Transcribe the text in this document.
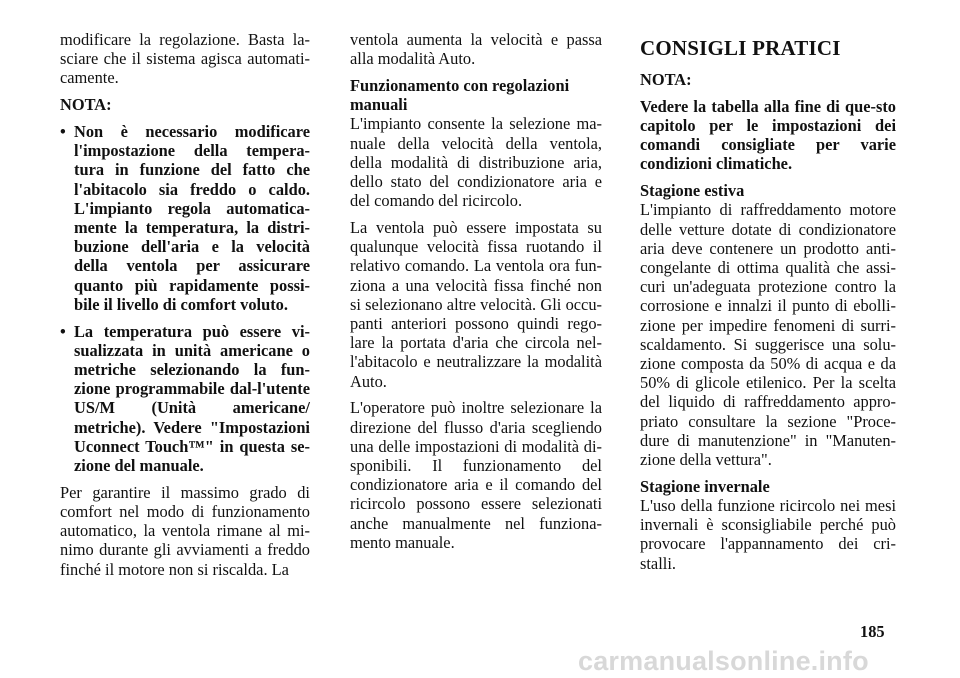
modificare la regolazione. Basta la-sciare che il sistema agisca automati-camente.

NOTA:
• Non è necessario modificare l'impostazione della tempera-tura in funzione del fatto che l'abitacolo sia freddo o caldo. L'impianto regola automatica-mente la temperatura, la distri-buzione dell'aria e la velocità della ventola per assicurare quanto più rapidamente possi-bile il livello di comfort voluto.
• La temperatura può essere vi-sualizzata in unità americane o metriche selezionando la fun-zione programmabile dal-l'utente US/M (Unità americane/ metriche). Vedere "Impostazioni Uconnect Touch™" in questa se-zione del manuale.

Per garantire il massimo grado di comfort nel modo di funzionamento automatico, la ventola rimane al mi-nimo durante gli avviamenti a freddo finché il motore non si riscalda. La

ventola aumenta la velocità e passa alla modalità Auto.

Funzionamento con regolazioni manuali

L'impianto consente la selezione ma-nuale della velocità della ventola, della modalità di distribuzione aria, dello stato del condizionatore aria e del comando del ricircolo.

La ventola può essere impostata su qualunque velocità fissa ruotando il relativo comando. La ventola ora fun-ziona a una velocità fissa finché non si selezionano altre velocità. Gli occu-panti anteriori possono quindi rego-lare la portata d'aria che circola nel-l'abitacolo e neutralizzare la modalità Auto.

L'operatore può inoltre selezionare la direzione del flusso d'aria scegliendo una delle impostazioni di modalità di-sponibili. Il funzionamento del condizionatore aria e il comando del ricircolo possono essere selezionati anche manualmente nel funziona-mento manuale.

CONSIGLI PRATICI
NOTA:

Vedere la tabella alla fine di que-sto capitolo per le impostazioni dei comandi consigliate per varie condizioni climatiche.

Stagione estiva

L'impianto di raffreddamento motore delle vetture dotate di condizionatore aria deve contenere un prodotto anti-congelante di ottima qualità che assi-curi un'adeguata protezione contro la corrosione e innalzi il punto di ebolli-zione per impedire fenomeni di surri-scaldamento. Si suggerisce una solu-zione composta da 50% di acqua e da 50% di glicole etilenico. Per la scelta del liquido di raffreddamento appro-priato consultare la sezione "Proce-dure di manutenzione" in "Manuten-zione della vettura".

Stagione invernale

L'uso della funzione ricircolo nei mesi invernali è sconsigliabile perché può provocare l'appannamento dei cri-stalli.

185
carmanualsonline.info
